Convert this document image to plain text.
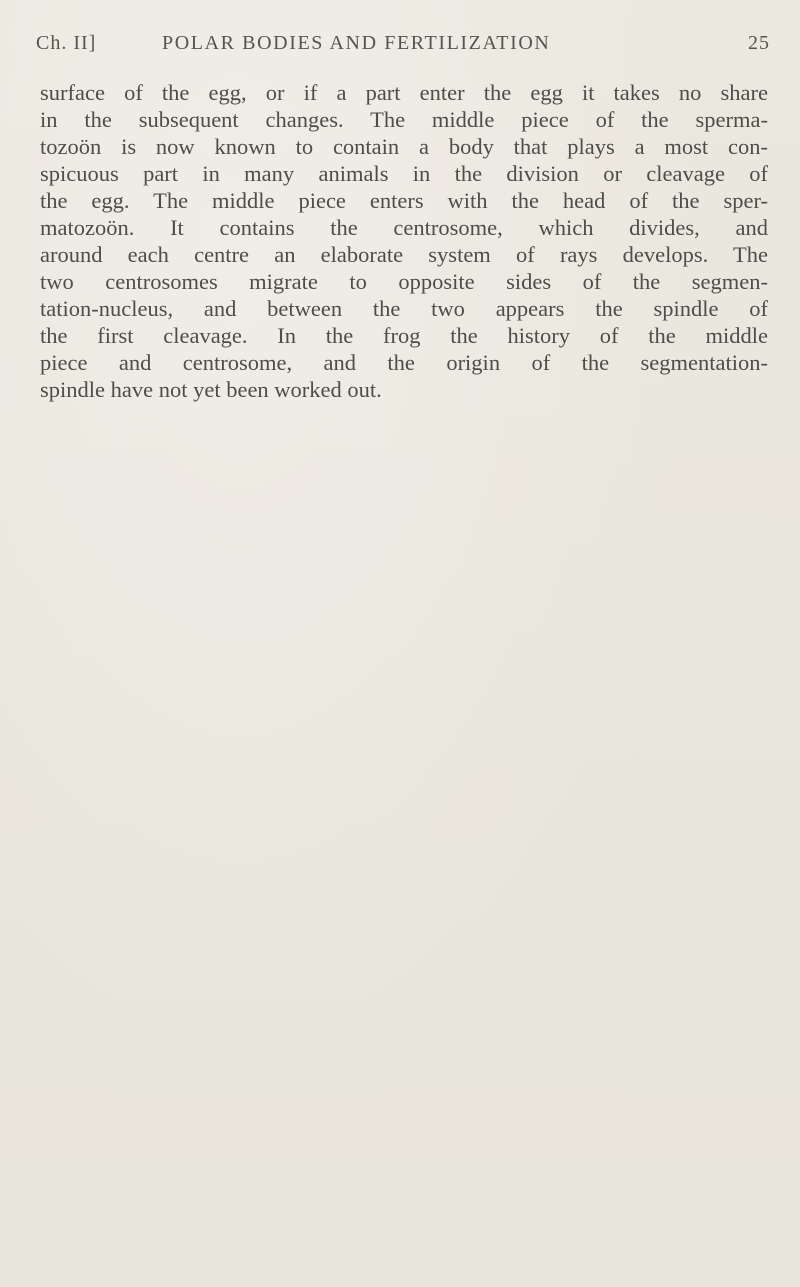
Ch. II]	POLAR BODIES AND FERTILIZATION	25
surface of the egg, or if a part enter the egg it takes no share
in the subsequent changes. The middle piece of the sperma-
tozoön is now known to contain a body that plays a most con-
spicuous part in many animals in the division or cleavage of
the egg. The middle piece enters with the head of the sper-
matozoön. It contains the centrosome, which divides, and
around each centre an elaborate system of rays develops. The
two centrosomes migrate to opposite sides of the segmen-
tation-nucleus, and between the two appears the spindle of
the first cleavage. In the frog the history of the middle
piece and centrosome, and the origin of the segmentation-
spindle have not yet been worked out.
